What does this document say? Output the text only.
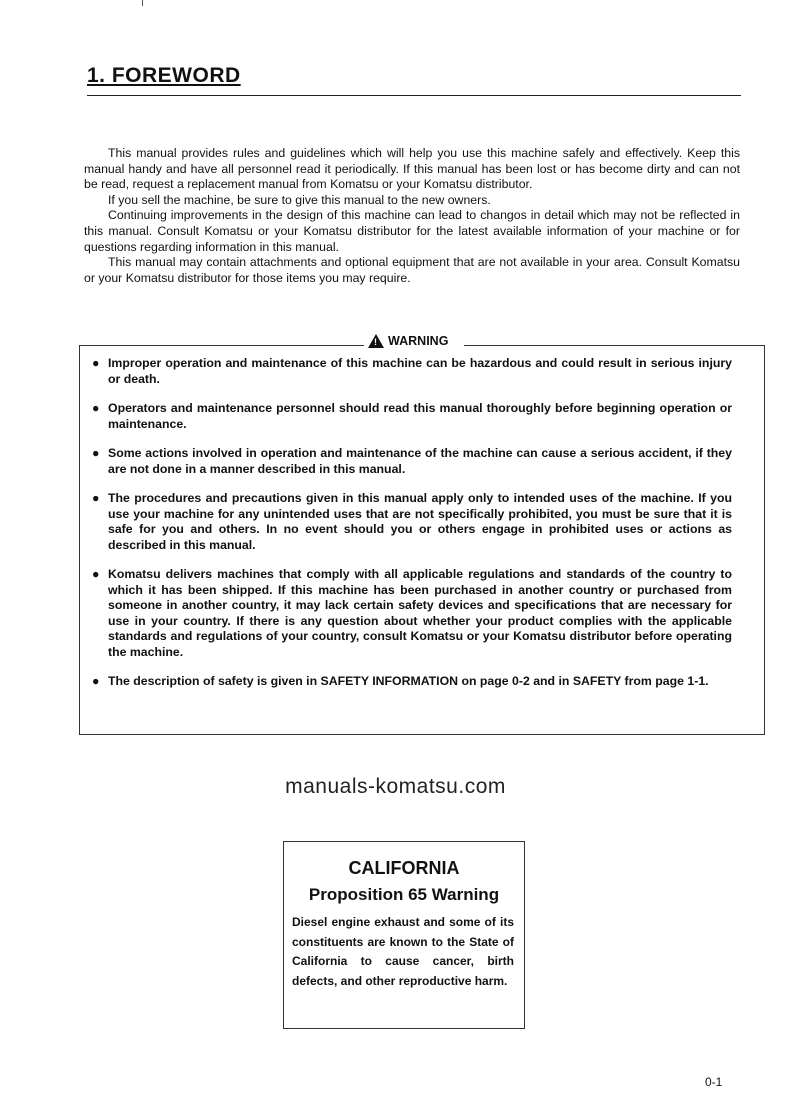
1. FOREWORD

This manual provides rules and guidelines which will help you use this machine safely and effectively. Keep this manual handy and have all personnel read it periodically. If this manual has been lost or has become dirty and can not be read, request a replacement manual from Komatsu or your Komatsu distributor.

If you sell the machine, be sure to give this manual to the new owners.

Continuing improvements in the design of this machine can lead to changos in detail which may not be reflected in this manual. Consult Komatsu or your Komatsu distributor for the latest available information of your machine or for questions regarding information in this manual.

This manual may contain attachments and optional equipment that are not available in your area. Consult Komatsu or your Komatsu distributor for those items you may require.

! WARNING
● Improper operation and maintenance of this machine can be hazardous and could result in serious injury or death.
● Operators and maintenance personnel should read this manual thoroughly before beginning operation or maintenance.
● Some actions involved in operation and maintenance of the machine can cause a serious accident, if they are not done in a manner described in this manual.
● The procedures and precautions given in this manual apply only to intended uses of the machine. If you use your machine for any unintended uses that are not specifically prohibited, you must be sure that it is safe for you and others. In no event should you or others engage in prohibited uses or actions as described in this manual.
● Komatsu delivers machines that comply with all applicable regulations and standards of the country to which it has been shipped. If this machine has been purchased in another country or purchased from someone in another country, it may lack certain safety devices and specifications that are necessary for use in your country. If there is any question about whether your product complies with the applicable standards and regulations of your country, consult Komatsu or your Komatsu distributor before operating the machine.
● The description of safety is given in SAFETY INFORMATION on page 0-2 and in SAFETY from page 1-1.
manuals-komatsu.com
CALIFORNIA
Proposition 65 Warning

Diesel engine exhaust and some of its constituents are known to the State of California to cause cancer, birth defects, and other reproductive harm.

0-1
